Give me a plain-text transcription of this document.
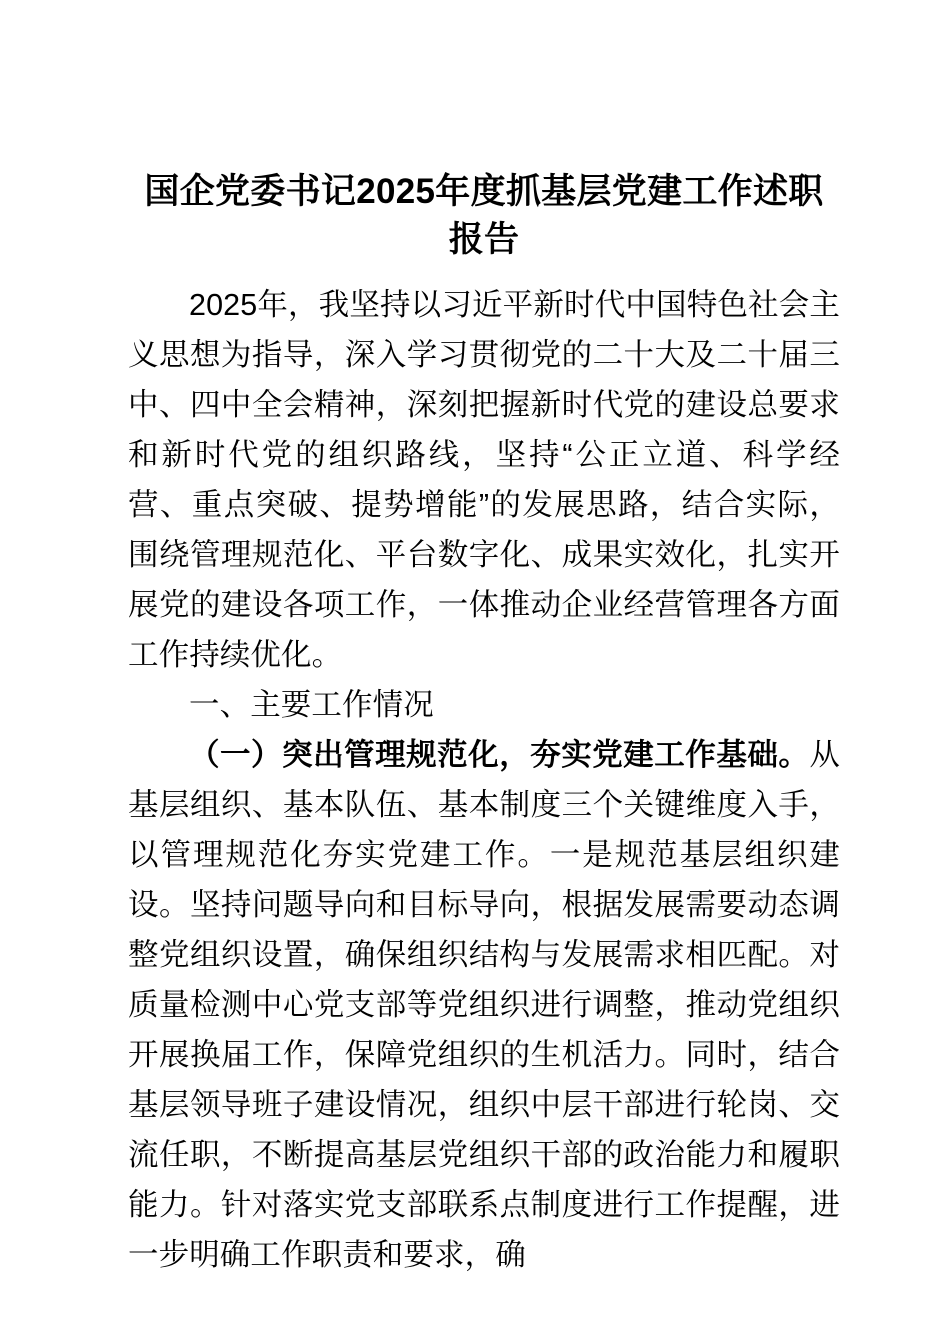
国企党委书记2025年度抓基层党建工作述职报告

2025年，我坚持以习近平新时代中国特色社会主义思想为指导，深入学习贯彻党的二十大及二十届三中、四中全会精神，深刻把握新时代党的建设总要求和新时代党的组织路线，坚持“公正立道、科学经营、重点突破、提势增能”的发展思路，结合实际，围绕管理规范化、平台数字化、成果实效化，扎实开展党的建设各项工作，一体推动企业经营管理各方面工作持续优化。

一、主要工作情况

（一）突出管理规范化，夯实党建工作基础。从基层组织、基本队伍、基本制度三个关键维度入手，以管理规范化夯实党建工作。一是规范基层组织建设。坚持问题导向和目标导向，根据发展需要动态调整党组织设置，确保组织结构与发展需求相匹配。对质量检测中心党支部等党组织进行调整，推动党组织开展换届工作，保障党组织的生机活力。同时，结合基层领导班子建设情况，组织中层干部进行轮岗、交流任职，不断提高基层党组织干部的政治能力和履职能力。针对落实党支部联系点制度进行工作提醒，进一步明确工作职责和要求，确
